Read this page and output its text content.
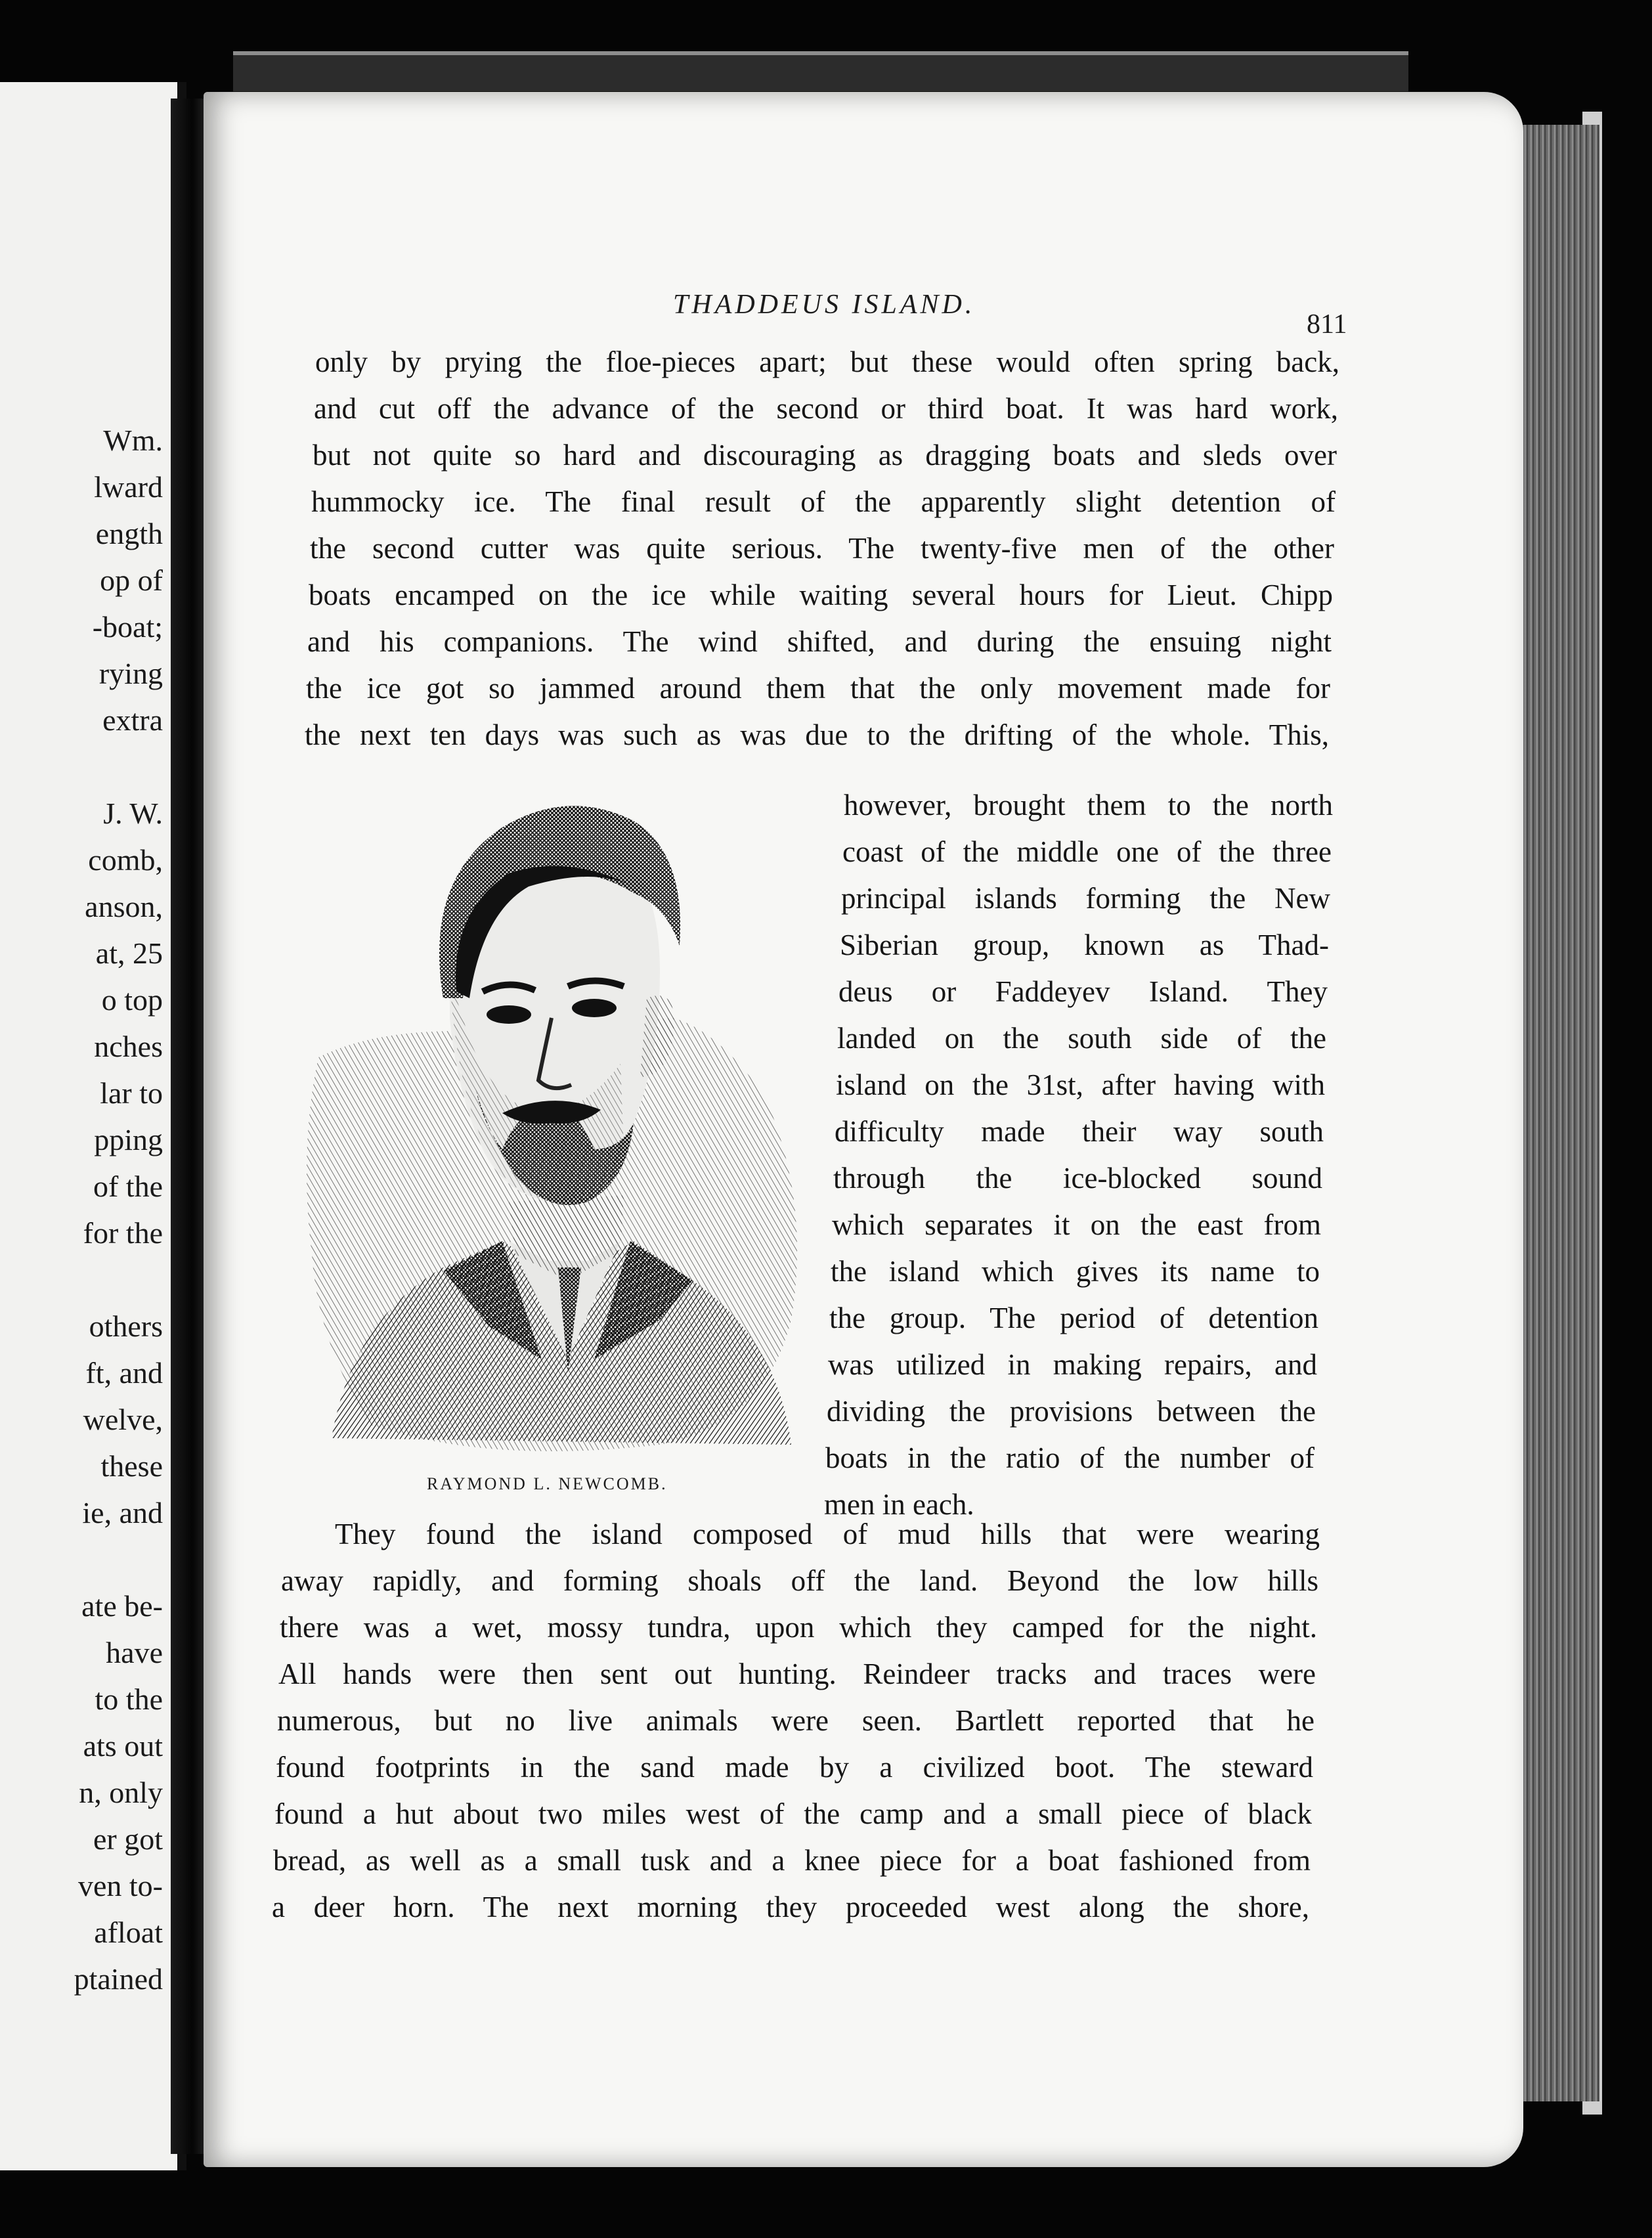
Wm.
lward
ength
op of
-boat;
rying
extra
J. W.
comb,
anson,
at, 25
o top
nches
lar to
pping
of the
for the
others
ft, and
welve,
these
ie, and
ate be-
have
to the
ats out
n, only
er got
ven to-
afloat
ptained
THADDEUS ISLAND.
811
only by prying the floe-pieces apart; but these would often spring back,
and cut off the advance of the second or third boat. It was hard work,
but not quite so hard and discouraging as dragging boats and sleds over
hummocky ice. The final result of the apparently slight detention of
the second cutter was quite serious. The twenty-five men of the other
boats encamped on the ice while waiting several hours for Lieut. Chipp
and his companions. The wind shifted, and during the ensuing night
the ice got so jammed around them that the only movement made for
the next ten days was such as was due to the drifting of the whole. This,
however, brought them to the north
coast of the middle one of the three
principal islands forming the New
Siberian group, known as Thad-
deus or Faddeyev Island. They
landed on the south side of the
island on the 31st, after having with
difficulty made their way south
through the ice-blocked sound
which separates it on the east from
the island which gives its name to
the group. The period of detention
was utilized in making repairs, and
dividing the provisions between the
boats in the ratio of the number of
men in each.
They found the island composed of mud hills that were wearing
away rapidly, and forming shoals off the land. Beyond the low hills
there was a wet, mossy tundra, upon which they camped for the night.
All hands were then sent out hunting. Reindeer tracks and traces were
numerous, but no live animals were seen. Bartlett reported that he
found footprints in the sand made by a civilized boot. The steward
found a hut about two miles west of the camp and a small piece of black
bread, as well as a small tusk and a knee piece for a boat fashioned from
a deer horn. The next morning they proceeded west along the shore,
RAYMOND L. NEWCOMB.
